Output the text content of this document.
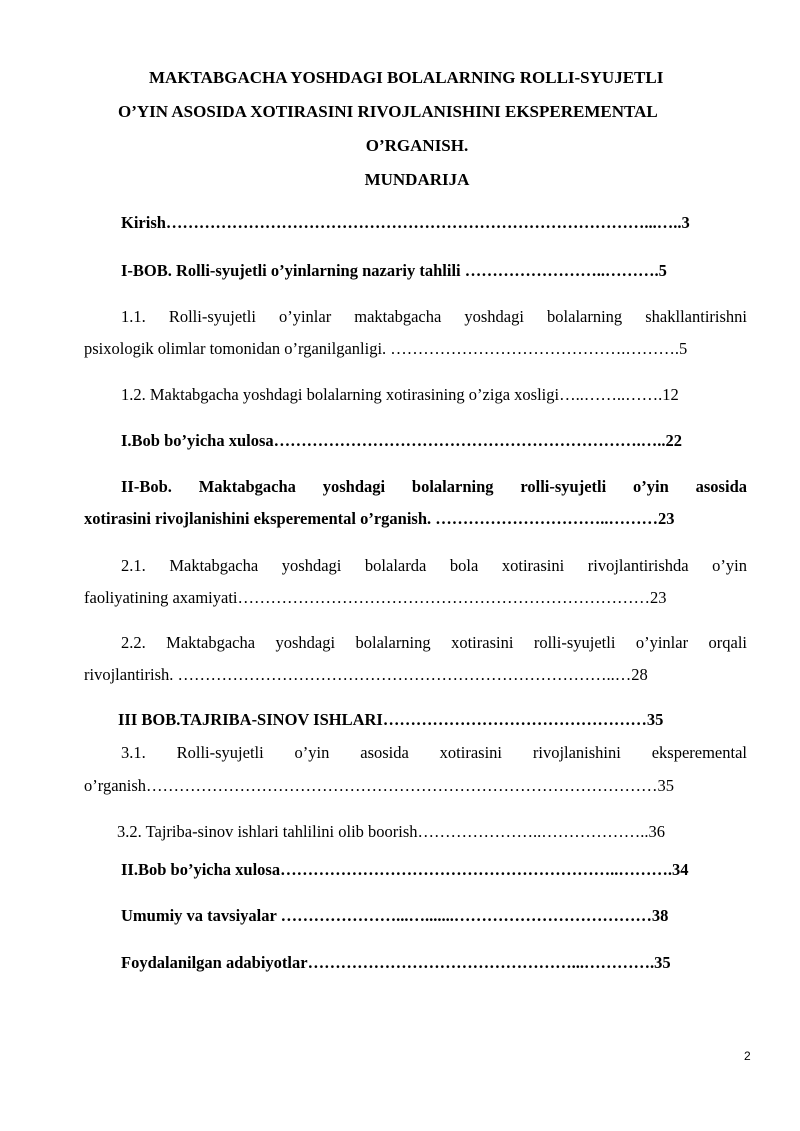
MAKTABGACHA YOSHDAGI BOLALARNING ROLLI-SYUJETLI
O’YIN ASOSIDA XOTIRASINI RIVOJLANISHINI EKSPEREMENTAL
O’RGANISH.
MUNDARIJA
Kirish……………………………………………………………………………...…..3
I-BOB. Rolli-syujetli o’yinlarning nazariy tahlili ……………………..……….5
1.1. Rolli-syujetli o’yinlar maktabgacha yoshdagi bolalarning shakllantirishni
psixologik olimlar tomonidan o’rganilganligi. …………………………………….……….5
1.2. Maktabgacha yoshdagi bolalarning xotirasining o’ziga xosligi…..……..…….12
I.Bob bo’yicha xulosa………………………………………………………….…..22
II-Bob. Maktabgacha yoshdagi bolalarning rolli-syujetli o’yin asosida
xotirasini rivojlanishini eksperemental o’rganish. …………………………..………23
2.1. Maktabgacha yoshdagi bolalarda bola xotirasini rivojlantirishda o’yin
faoliyatining axamiyati…………………………………………………………………23
2.2. Maktabgacha yoshdagi bolalarning xotirasini rolli-syujetli o’yinlar orqali
rivojlantirish. ……………………………………………………………………..…28
III BOB.TAJRIBA-SINOV ISHLARI…………………………………………35
3.1. Rolli-syujetli o’yin asosida xotirasini rivojlanishini eksperemental
o’rganish…………………………………………………………………………………35
3.2. Tajriba-sinov ishlari tahlilini olib boorish…………………..………………..36
II.Bob bo’yicha xulosa……………………………………………………..……….34
Umumiy va tavsiyalar …………………...….......………………………………38
Foydalanilgan adabiyotlar…………………………………………...………….35
2
